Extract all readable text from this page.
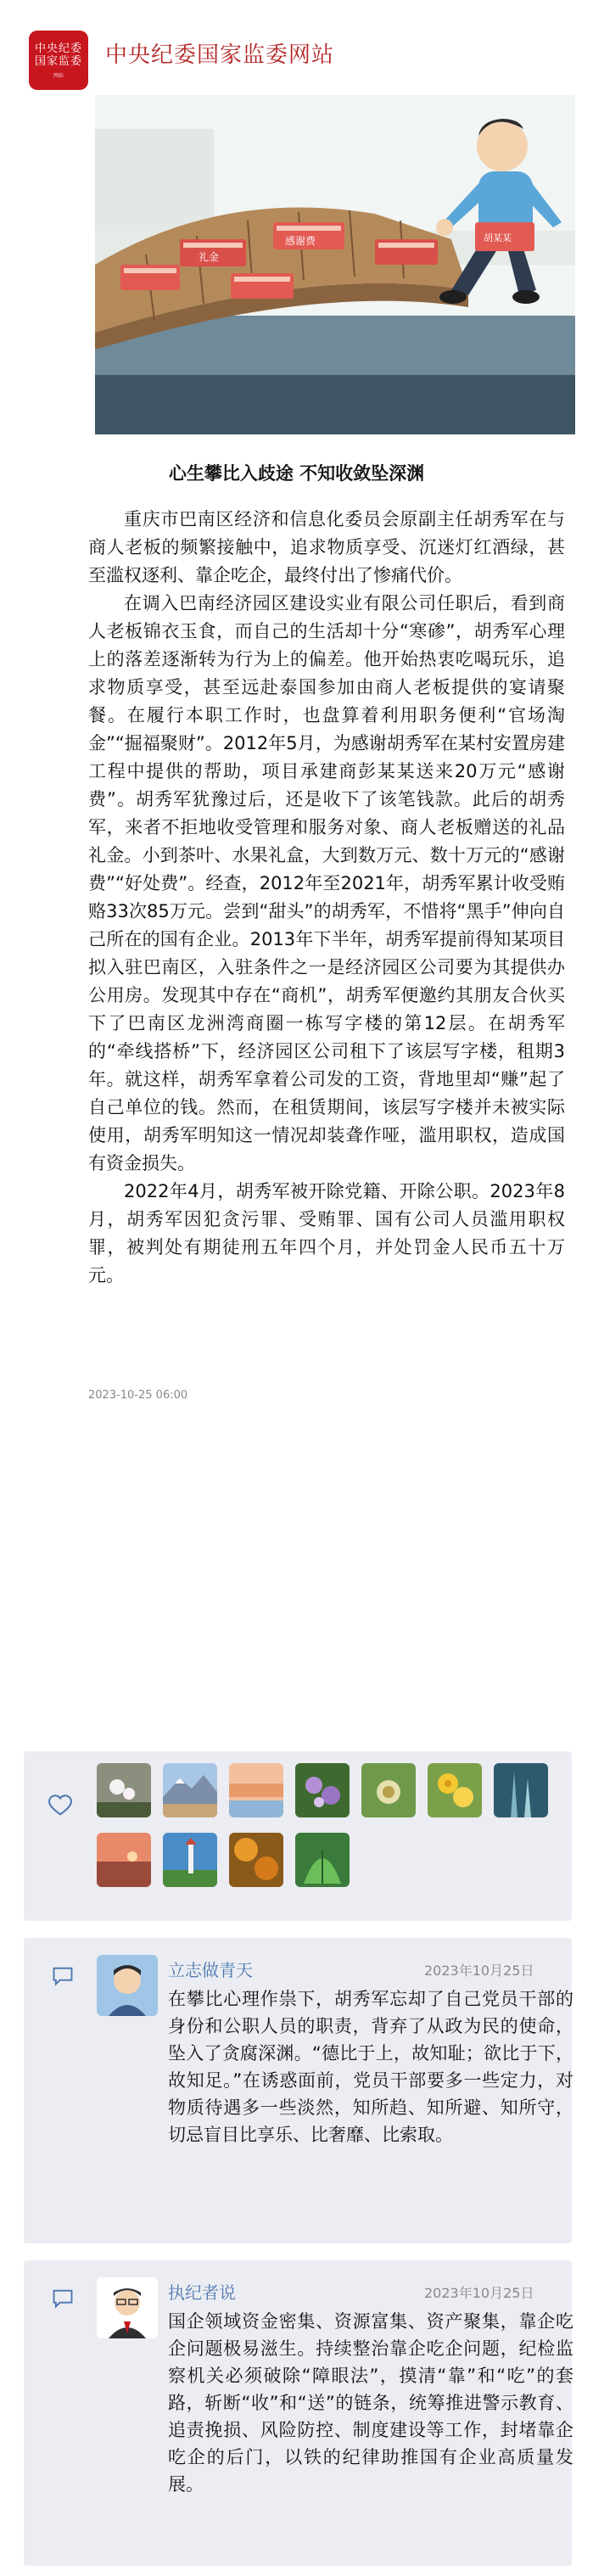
中央纪委
国家监委
网站
中央纪委国家监委网站
礼金
感谢费	胡某某
心生攀比入歧途 不知收敛坠深渊

重庆市巴南区经济和信息化委员会原副主任胡秀军在与商人老板的频繁接触中，追求物质享受、沉迷灯红酒绿，甚至滥权逐利、靠企吃企，最终付出了惨痛代价。

在调入巴南经济园区建设实业有限公司任职后，看到商人老板锦衣玉食，而自己的生活却十分“寒碜”，胡秀军心理上的落差逐渐转为行为上的偏差。他开始热衷吃喝玩乐，追求物质享受，甚至远赴泰国参加由商人老板提供的宴请聚餐。在履行本职工作时，也盘算着利用职务便利“官场淘金”“掘福聚财”。2012年5月，为感谢胡秀军在某村安置房建工程中提供的帮助，项目承建商彭某某送来20万元“感谢费”。胡秀军犹豫过后，还是收下了该笔钱款。此后的胡秀军，来者不拒地收受管理和服务对象、商人老板赠送的礼品礼金。小到茶叶、水果礼盒，大到数万元、数十万元的“感谢费”“好处费”。经查，2012年至2021年，胡秀军累计收受贿赂33次85万元。尝到“甜头”的胡秀军，不惜将“黑手”伸向自己所在的国有企业。2013年下半年，胡秀军提前得知某项目拟入驻巴南区，入驻条件之一是经济园区公司要为其提供办公用房。发现其中存在“商机”，胡秀军便邀约其朋友合伙买下了巴南区龙洲湾商圈一栋写字楼的第12层。在胡秀军的“牵线搭桥”下，经济园区公司租下了该层写字楼，租期3年。就这样，胡秀军拿着公司发的工资，背地里却“赚”起了自己单位的钱。然而，在租赁期间，该层写字楼并未被实际使用，胡秀军明知这一情况却装聋作哑，滥用职权，造成国有资金损失。

2022年4月，胡秀军被开除党籍、开除公职。2023年8月，胡秀军因犯贪污罪、受贿罪、国有公司人员滥用职权罪，被判处有期徒刑五年四个月，并处罚金人民币五十万元。

2023-10-25 06:00
立志做青天	2023年10月25日
在攀比心理作祟下，胡秀军忘却了自己党员干部的身份和公职人员的职责，背弃了从政为民的使命，坠入了贪腐深渊。“德比于上，故知耻；欲比于下，故知足。”在诱惑面前，党员干部要多一些定力，对物质待遇多一些淡然，知所趋、知所避、知所守，切忌盲目比享乐、比奢靡、比索取。
执纪者说	2023年10月25日
国企领域资金密集、资源富集、资产聚集，靠企吃企问题极易滋生。持续整治靠企吃企问题，纪检监察机关必须破除“障眼法”，摸清“靠”和“吃”的套路，斩断“收”和“送”的链条，统筹推进警示教育、追责挽损、风险防控、制度建设等工作，封堵靠企吃企的后门，以铁的纪律助推国有企业高质量发展。
